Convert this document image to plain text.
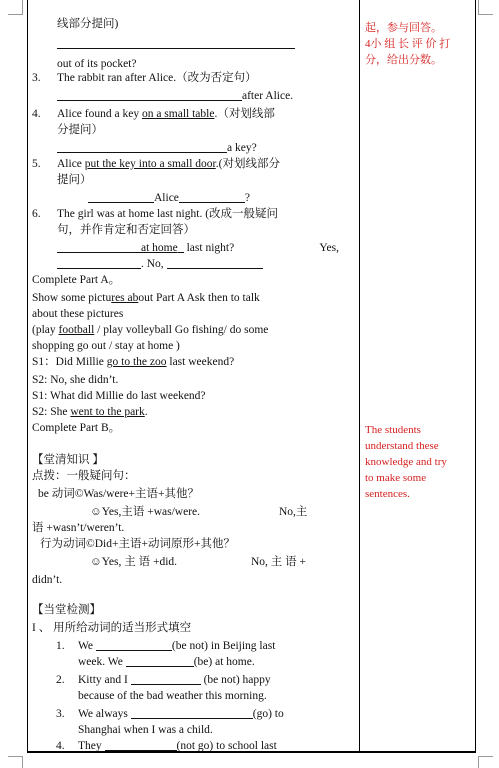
线部分提问)
out of its pocket?
3. The rabbit ran after Alice.（改为否定句）
after Alice.
4. Alice found a key on a small table.（对划线部
分提问）
a key?
5. Alice put the key into a small door.(对划线部分
提问）
Alice	?
6. The girl was at home last night. (改成一般疑问
句，并作肯定和否定回答）
at home last night?	Yes,
. No,
Complete Part A。
Show some pictures about Part A Ask then to talk
about these pictures
(play football / play volleyball Go fishing/ do some
shopping go out / stay at home )
S1：Did Millie go to the zoo last weekend?
S2: No, she didn’t.
S1: What did Millie do last weekend?
S2: She went to the park.
Complete Part B。
【堂清知识 】
点拨：一般疑问句：
be 动词©Was/were+主语+其他？
☺Yes,主语 +was/were.	No,主
语 +wasn’t/weren’t.
行为动词©Did+主语+动词原形+其他？
☺Yes, 主 语 +did.	No, 主 语 +
didn’t.
【当堂检测】
I 、 用所给动词的适当形式填空
1. We	(be not) in Beijing last
week. We	(be) at home.
2. Kitty and I	(be not) happy
because of the bad weather this morning.
3. We always	(go) to
Shanghai when I was a child.
4. They	(not go) to school last
起，参与回答。
4小 组 长 评 价 打
分，给出分数。
The students
understand these
knowledge and try
to make some
sentences.
